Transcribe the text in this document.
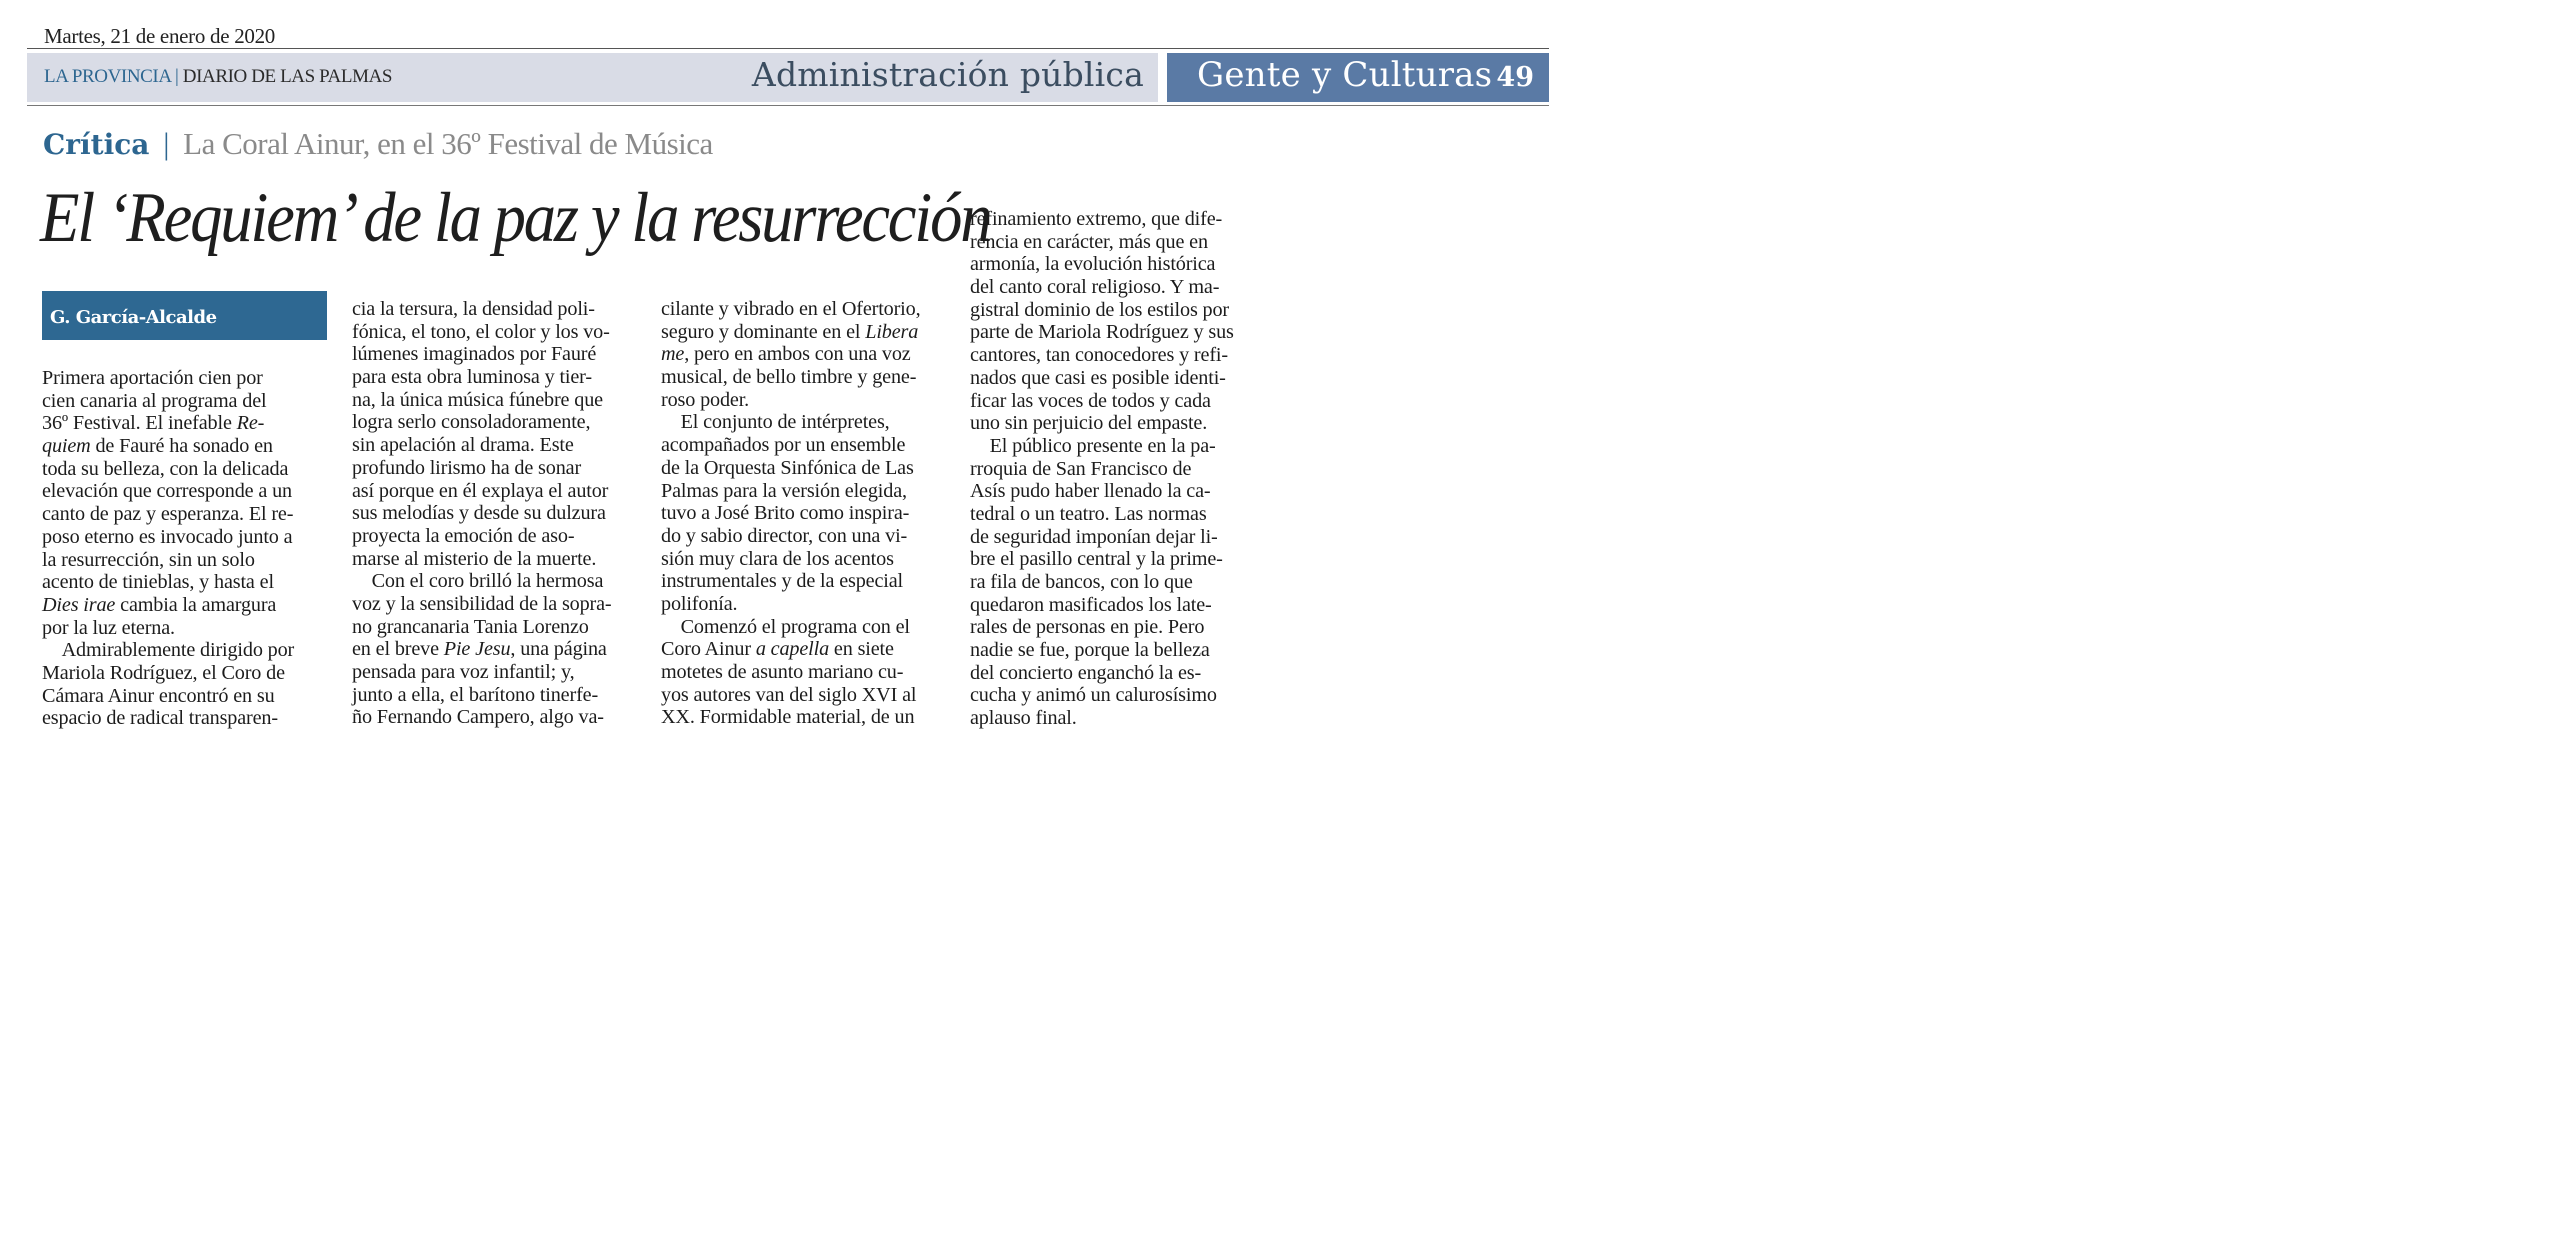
Martes, 21 de enero de 2020
LA PROVINCIA | DIARIO DE LAS PALMAS	Administración pública Gente y Culturas 49
Crítica | La Coral Ainur, en el 36º Festival de Música
El ‘Requiem’ de la paz y la resurrección
G. García-Alcalde
Primera aportación cien por
cien canaria al programa del
36º Festival. El inefable Re-
quiem de Fauré ha sonado en
toda su belleza, con la delicada
elevación que corresponde a un
canto de paz y esperanza. El re-
poso eterno es invocado junto a
la resurrección, sin un solo
acento de tinieblas, y hasta el
Dies irae cambia la amargura
por la luz eterna.
Admirablemente dirigido por
Mariola Rodríguez, el Coro de
Cámara Ainur encontró en su
espacio de radical transparen-
cia la tersura, la densidad poli-
fónica, el tono, el color y los vo-
lúmenes imaginados por Fauré
para esta obra luminosa y tier-
na, la única música fúnebre que
logra serlo consoladoramente,
sin apelación al drama. Este
profundo lirismo ha de sonar
así porque en él explaya el autor
sus melodías y desde su dulzura
proyecta la emoción de aso-
marse al misterio de la muerte.
Con el coro brilló la hermosa
voz y la sensibilidad de la sopra-
no grancanaria Tania Lorenzo
en el breve Pie Jesu, una página
pensada para voz infantil; y,
junto a ella, el barítono tinerfe-
ño Fernando Campero, algo va-
cilante y vibrado en el Ofertorio,
seguro y dominante en el Libera
me, pero en ambos con una voz
musical, de bello timbre y gene-
roso poder.
El conjunto de intérpretes,
acompañados por un ensemble
de la Orquesta Sinfónica de Las
Palmas para la versión elegida,
tuvo a José Brito como inspira-
do y sabio director, con una vi-
sión muy clara de los acentos
instrumentales y de la especial
polifonía.
Comenzó el programa con el
Coro Ainur a capella en siete
motetes de asunto mariano cu-
yos autores van del siglo XVI al
XX. Formidable material, de un
refinamiento extremo, que dife-
rencia en carácter, más que en
armonía, la evolución histórica
del canto coral religioso. Y ma-
gistral dominio de los estilos por
parte de Mariola Rodríguez y sus
cantores, tan conocedores y refi-
nados que casi es posible identi-
ficar las voces de todos y cada
uno sin perjuicio del empaste.
El público presente en la pa-
rroquia de San Francisco de
Asís pudo haber llenado la ca-
tedral o un teatro. Las normas
de seguridad imponían dejar li-
bre el pasillo central y la prime-
ra fila de bancos, con lo que
quedaron masificados los late-
rales de personas en pie. Pero
nadie se fue, porque la belleza
del concierto enganchó la es-
cucha y animó un calurosísimo
aplauso final.
